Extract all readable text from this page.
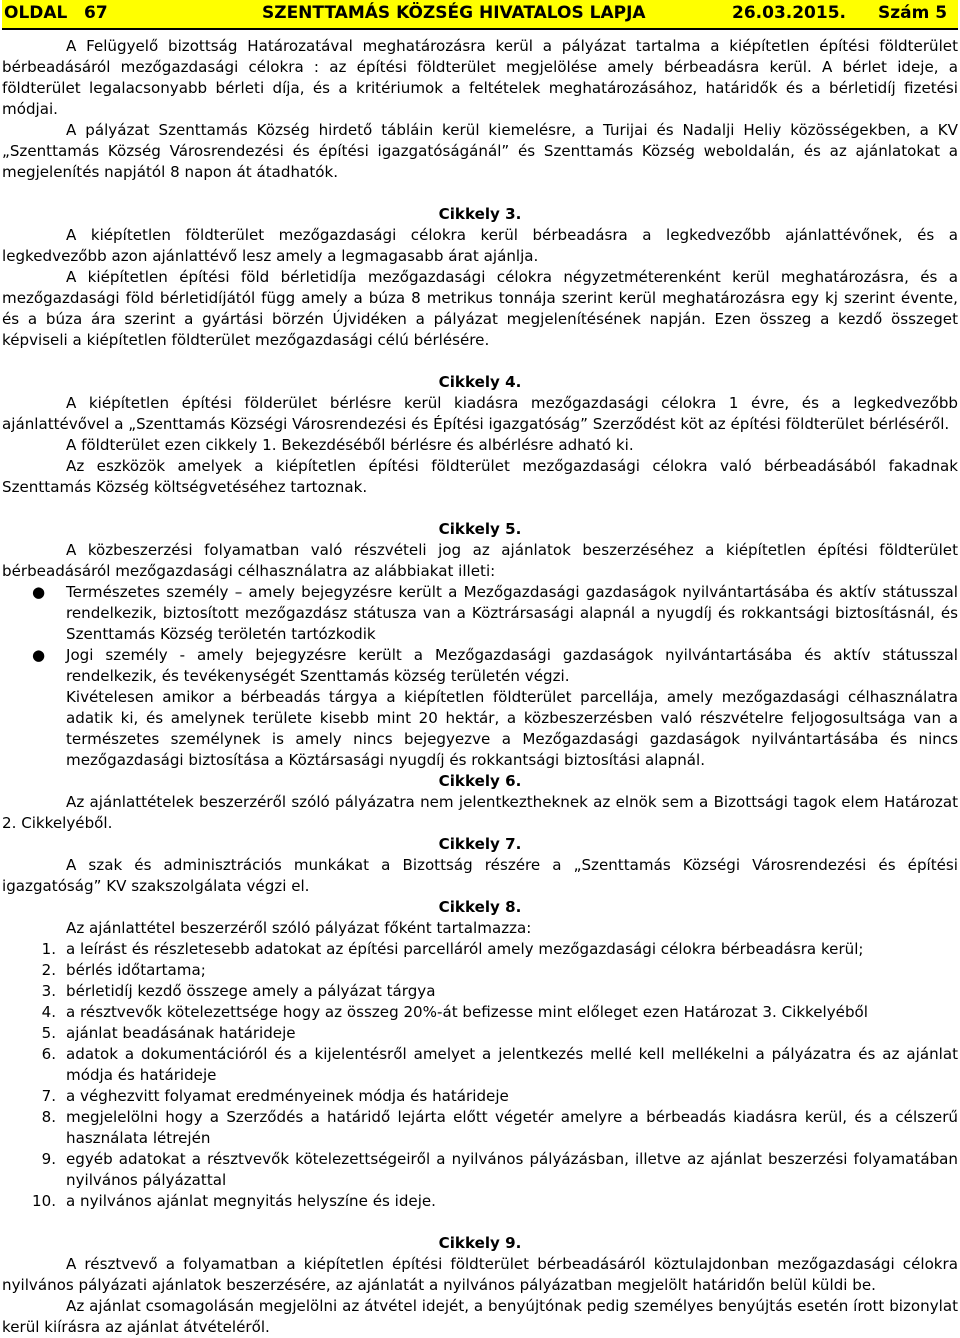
OLDAL 67	SZENTTAMÁS KÖZSÉG HIVATALOS LAPJA	26.03.2015. Szám 5

A Felügyelő bizottság Határozatával meghatározásra kerül a pályázat tartalma a kiépítetlen építési földterület bérbeadásáról mezőgazdasági célokra : az építési földterület megjelölése amely bérbeadásra kerül. A bérlet ideje, a földterület legalacsonyabb bérleti díja, és a kritériumok a feltételek meghatározásához, határidők és a bérletidíj fizetési módjai.

A pályázat Szenttamás Község hirdető tábláin kerül kiemelésre, a Turijai és Nadalji Heliy közösségekben, a KV „Szenttamás Község Városrendezési és építési igazgatóságánál” és Szenttamás Község weboldalán, és az ajánlatokat a megjelenítés napjától 8 napon át átadhatók.

Cikkely 3.

A kiépítetlen földterület mezőgazdasági célokra kerül bérbeadásra a legkedvezőbb ajánlattévőnek, és a legkedvezőbb azon ajánlattévő lesz amely a legmagasabb árat ajánlja.

A kiépítetlen építési föld bérletidíja mezőgazdasági célokra négyzetméterenként kerül meghatározásra, és a mezőgazdasági föld bérletidíjától függ amely a búza 8 metrikus tonnája szerint kerül meghatározásra egy kj szerint évente, és a búza ára szerint a gyártási börzén Újvidéken a pályázat megjelenítésének napján. Ezen összeg a kezdő összeget képviseli a kiépítetlen földterület mezőgazdasági célú bérlésére.

Cikkely 4.

A kiépítetlen építési földerület bérlésre kerül kiadásra mezőgazdasági célokra 1 évre, és a legkedvezőbb ajánlattévővel a „Szenttamás Községi Városrendezési és Építési igazgatóság” Szerződést köt az építési földterület bérléséről.

A földterület ezen cikkely 1. Bekezdéséből bérlésre és albérlésre adható ki.

Az eszközök amelyek a kiépítetlen építési földterület mezőgazdasági célokra való bérbeadásából fakadnak Szenttamás Község költségvetéséhez tartoznak.

Cikkely 5.

A közbeszerzési folyamatban való részvételi jog az ajánlatok beszerzéséhez a kiépítetlen építési földterület bérbeadásáról mezőgazdasági célhasználatra az alábbiakat illeti:

● Természetes személy – amely bejegyzésre került a Mezőgazdasági gazdaságok nyilvántartásába és aktív státusszal rendelkezik, biztosított mezőgazdász státusza van a Köztrársasági alapnál a nyugdíj és rokkantsági biztosításnál, és Szenttamás Község teröletén tartózkodik
● Jogi személy - amely bejegyzésre került a Mezőgazdasági gazdaságok nyilvántartásába és aktív státusszal rendelkezik, és tevékenységét Szenttamás község területén végzi.

Kivételesen amikor a bérbeadás tárgya a kiépítetlen földterület parcellája, amely mezőgazdasági célhasználatra adatik ki, és amelynek területe kisebb mint 20 hektár, a közbeszerzésben való részvételre feljogosultsága van a természetes személynek is amely nincs bejegyezve a Mezőgazdasági gazdaságok nyilvántartásába és nincs mezőgazdasági biztosítása a Köztársasági nyugdíj és rokkantsági biztosítási alapnál.

Cikkely 6.

Az ajánlattételek beszerzéről szóló pályázatra nem jelentkeztheknek az elnök sem a Bizottsági tagok elem Határozat 2. Cikkelyéből.

Cikkely 7.

A szak és adminisztrációs munkákat a Bizottság részére a „Szenttamás Községi Városrendezési és építési igazgatóság” KV szakszolgálata végzi el.

Cikkely 8.

Az ajánlattétel beszerzéről szóló pályázat főként tartalmazza:

1. a leírást és részletesebb adatokat az építési parcelláról amely mezőgazdasági célokra bérbeadásra kerül;
2. bérlés időtartama;
3. bérletidíj kezdő összege amely a pályázat tárgya
4. a résztvevők kötelezettsége hogy az összeg 20%-át befizesse mint előleget ezen Határozat 3. Cikkelyéből
5. ajánlat beadásának határideje
6. adatok a dokumentációról és a kijelentésről amelyet a jelentkezés mellé kell mellékelni a pályázatra és az ajánlat módja és határideje
7. a véghezvitt folyamat eredményeinek módja és határideje
8. megjelelölni hogy a Szerződés a határidő lejárta előtt végetér amelyre a bérbeadás kiadásra kerül, és a célszerű használata létrején
9. egyéb adatokat a résztvevők kötelezettségeiről a nyilvános pályázásban, illetve az ajánlat beszerzési folyamatában nyilvános pályázattal
10. a nyilvános ajánlat megnyitás helyszíne és ideje.

Cikkely 9.

A résztvevő a folyamatban a kiépítetlen építési földterület bérbeadásáról köztulajdonban mezőgazdasági célokra nyilvános pályázati ajánlatok beszerzésére, az ajánlatát a nyilvános pályázatban megjelölt határidőn belül küldi be.

Az ajánlat csomagolásán megjelölni az átvétel idejét, a benyújtónak pedig személyes benyújtás esetén írott bizonylat kerül kiírásra az ajánlat átvételéről.
